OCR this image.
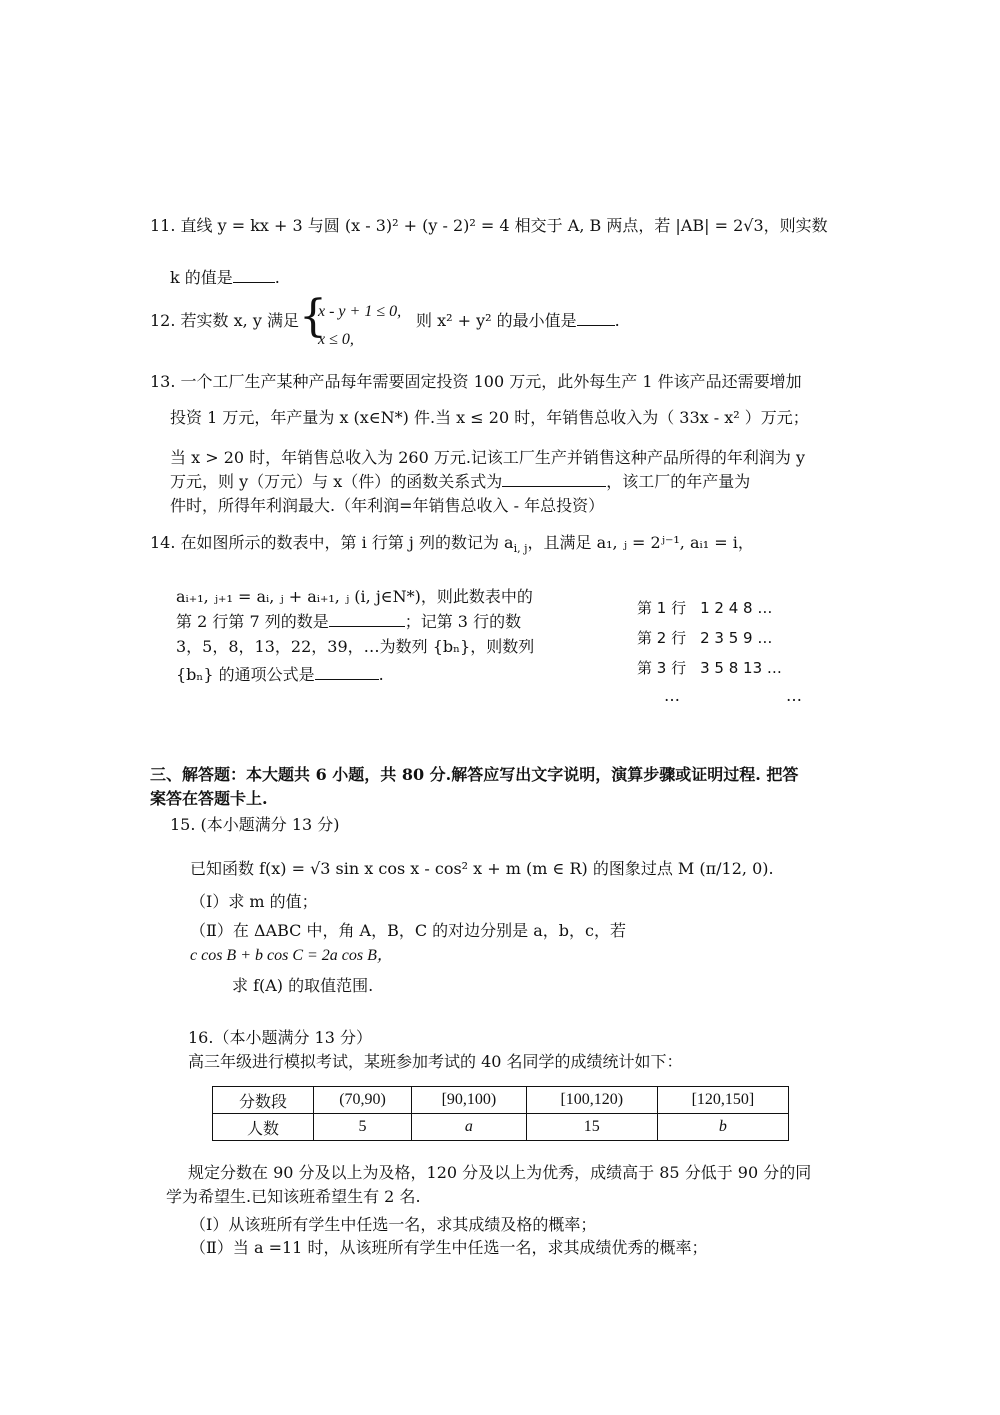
11. 直线 y = kx + 3 与圆 (x - 3)² + (y - 2)² = 4 相交于 A, B 两点，若 |AB| = 2√3，则实数
k 的值是	.
12. 若实数 x, y 满足 {
x - y + 1 ≤ 0,
x ≤ 0,
则 x² + y² 的最小值是 .
13. 一个工厂生产某种产品每年需要固定投资 100 万元，此外每生产 1 件该产品还需要增加
投资 1 万元，年产量为 x (x∈N*) 件.当 x ≤ 20 时，年销售总收入为（ 33x - x² ）万元；
当 x > 20 时，年销售总收入为 260 万元.记该工厂生产并销售这种产品所得的年利润为 y
万元，则 y（万元）与 x（件）的函数关系式为	，该工厂的年产量为
件时，所得年利润最大.（年利润=年销售总收入 - 年总投资）
14. 在如图所示的数表中，第 i 行第 j 列的数记为 $a_{i, j}$，且满足 a₁, ⱼ = 2ʲ⁻¹, aᵢ₁ = i，
aᵢ₊₁, ⱼ₊₁ = aᵢ, ⱼ + aᵢ₊₁, ⱼ (i, j∈N*)，则此数表中的
第 2 行第 7 列的数是	；记第 3 行的数
3，5，8，13，22，39，…为数列 {bₙ}，则数列
{bₙ} 的通项公式是	.
第 1 行 1 2 4 8 …
第 2 行 2 3 5 9 …
第 3 行 3 5 8 13 …
…	…
三、解答题：本大题共 6 小题，共 80 分.解答应写出文字说明，演算步骤或证明过程. 把答
案答在答题卡上.
15. (本小题满分 13 分)
已知函数 f(x) = √3 sin x cos x - cos² x + m (m ∈ R) 的图象过点 M (π/12, 0).
（Ⅰ）求 m 的值；
（Ⅱ）在 ΔABC 中，角 A，B，C 的对边分别是 a，b，c，若
c cos B + b cos C = 2a cos B，
求 f(A) 的取值范围.
16.（本小题满分 13 分）
高三年级进行模拟考试，某班参加考试的 40 名同学的成绩统计如下：
分数段	(70,90)	[90,100)	[100,120)	[120,150]
人数	5	a	15	b
规定分数在 90 分及以上为及格，120 分及以上为优秀，成绩高于 85 分低于 90 分的同
学为希望生.已知该班希望生有 2 名.
（Ⅰ）从该班所有学生中任选一名，求其成绩及格的概率；
（Ⅱ）当 a =11 时，从该班所有学生中任选一名，求其成绩优秀的概率；
